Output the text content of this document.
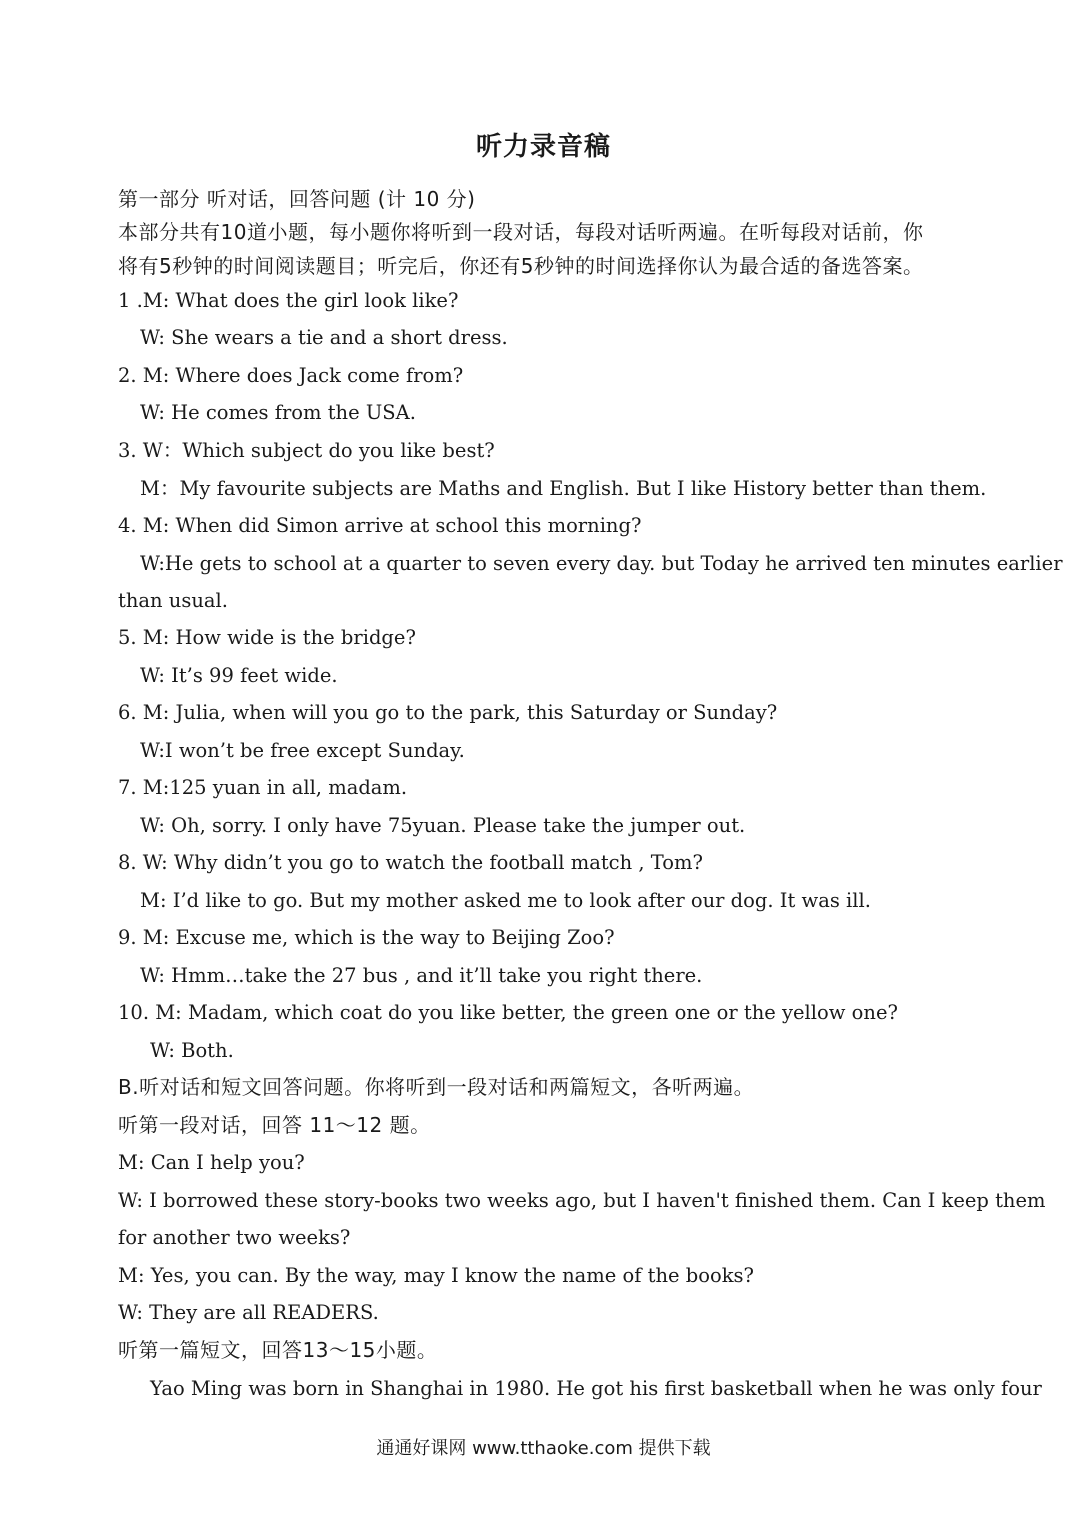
听力录音稿
第一部分 听对话，回答问题 (计 10 分)
本部分共有10道小题，每小题你将听到一段对话，每段对话听两遍。在听每段对话前，你
将有5秒钟的时间阅读题目；听完后，你还有5秒钟的时间选择你认为最合适的备选答案。
1 .M: What does the girl look like?
W: She wears a tie and a short dress.
2. M: Where does Jack come from?
W: He comes from the USA.
3. W：Which subject do you like best?
M：My favourite subjects are Maths and English. But I like History better than them.
4. M: When did Simon arrive at school this morning?
W:He gets to school at a quarter to seven every day. but Today he arrived ten minutes earlier
than usual.
5. M: How wide is the bridge?
W: It’s 99 feet wide.
6. M: Julia, when will you go to the park, this Saturday or Sunday?
W:I won’t be free except Sunday.
7. M:125 yuan in all, madam.
W: Oh, sorry. I only have 75yuan. Please take the jumper out.
8. W: Why didn’t you go to watch the football match , Tom?
M: I’d like to go. But my mother asked me to look after our dog. It was ill.
9. M: Excuse me, which is the way to Beijing Zoo?
W: Hmm…take the 27 bus , and it’ll take you right there.
10. M: Madam, which coat do you like better, the green one or the yellow one?
W: Both.
B.听对话和短文回答问题。你将听到一段对话和两篇短文，各听两遍。
听第一段对话，回答 11～12 题。
M: Can I help you?
W: I borrowed these story-books two weeks ago, but I haven't finished them. Can I keep them
for another two weeks?
M: Yes, you can. By the way, may I know the name of the books?
W: They are all READERS.
听第一篇短文，回答13～15小题。
Yao Ming was born in Shanghai in 1980. He got his first basketball when he was only four
通通好课网 www.tthaoke.com 提供下载
